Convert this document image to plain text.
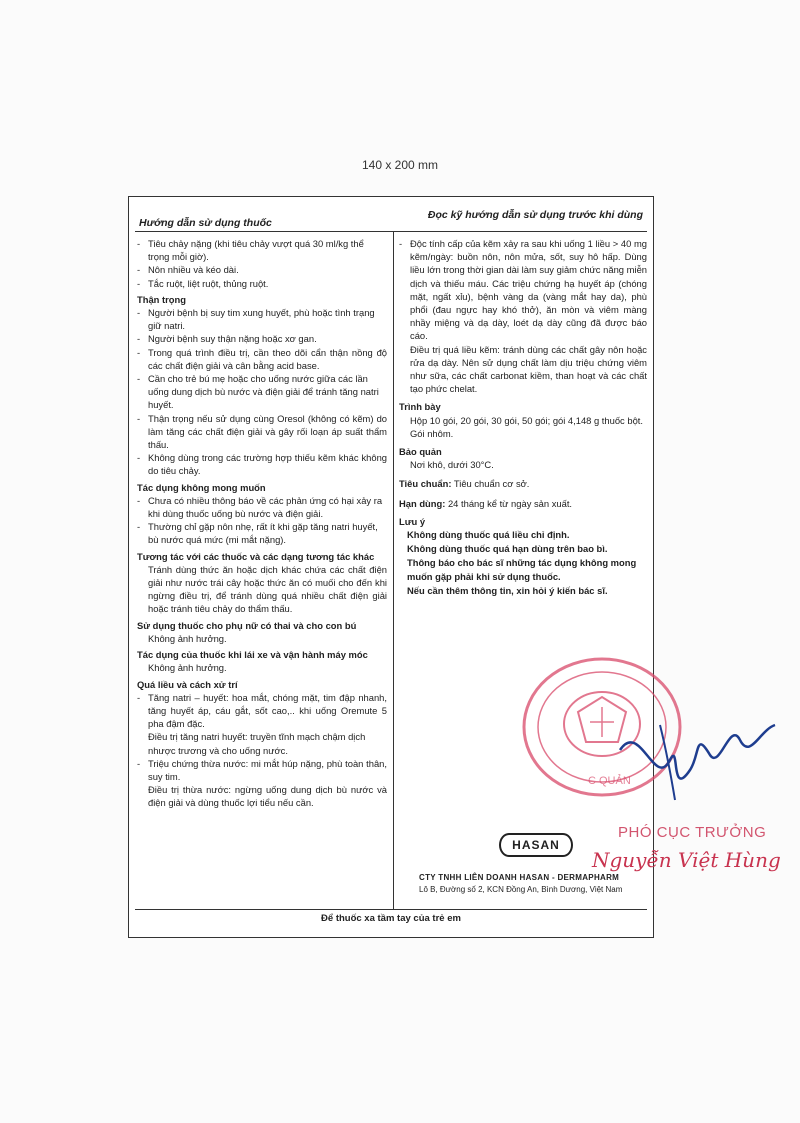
140 x 200 mm
Hướng dẫn sử dụng thuốc
Đọc kỹ hướng dẫn sử dụng trước khi dùng
- Tiêu chảy nặng (khi tiêu chảy vượt quá 30 ml/kg thể trọng mỗi giờ).
- Nôn nhiều và kéo dài.
- Tắc ruột, liệt ruột, thủng ruột.
Thận trọng
- Người bệnh bị suy tim xung huyết, phù hoặc tình trạng giữ natri.
- Người bệnh suy thận nặng hoặc xơ gan.
- Trong quá trình điều trị, cần theo dõi cẩn thận nồng độ các chất điện giải và cân bằng acid base.
- Cần cho trẻ bú mẹ hoặc cho uống nước giữa các lần uống dung dịch bù nước và điện giải để tránh tăng natri huyết.
- Thận trọng nếu sử dụng cùng Oresol (không có kẽm) do làm tăng các chất điện giải và gây rối loạn áp suất thẩm thấu.
- Không dùng trong các trường hợp thiếu kẽm khác không do tiêu chảy.
Tác dụng không mong muốn
- Chưa có nhiều thông báo về các phản ứng có hại xảy ra khi dùng thuốc uống bù nước và điện giải.
- Thường chỉ gặp nôn nhẹ, rất ít khi gặp tăng natri huyết, bù nước quá mức (mi mắt nặng).
Tương tác với các thuốc và các dạng tương tác khác
Tránh dùng thức ăn hoặc dịch khác chứa các chất điện giải như nước trái cây hoặc thức ăn có muối cho đến khi ngừng điều trị, để tránh dùng quá nhiều chất điện giải hoặc tránh tiêu chảy do thẩm thấu.
Sử dụng thuốc cho phụ nữ có thai và cho con bú
Không ảnh hưởng.
Tác dụng của thuốc khi lái xe và vận hành máy móc
Không ảnh hưởng.
Quá liều và cách xử trí
- Tăng natri – huyết: hoa mắt, chóng mặt, tim đập nhanh, tăng huyết áp, cáu gắt, sốt cao,.. khi uống Oremute 5 pha đậm đặc.
Điều trị tăng natri huyết: truyền tĩnh mạch chậm dịch nhược trương và cho uống nước.
- Triệu chứng thừa nước: mi mắt húp nặng, phù toàn thân, suy tim.
Điều trị thừa nước: ngừng uống dung dịch bù nước và điện giải và dùng thuốc lợi tiểu nếu cần.
- Độc tính cấp của kẽm xảy ra sau khi uống 1 liều > 40 mg kẽm/ngày: buồn nôn, nôn mửa, sốt, suy hô hấp. Dùng liều lớn trong thời gian dài làm suy giảm chức năng miễn dịch và thiếu máu. Các triệu chứng hạ huyết áp (chóng mặt, ngất xỉu), bệnh vàng da (vàng mắt hay da), phù phổi (đau ngực hay khó thở), ăn mòn và viêm màng nhầy miệng và dạ dày, loét dạ dày cũng đã được báo cáo.
Điều trị quá liều kẽm: tránh dùng các chất gây nôn hoặc rửa dạ dày. Nên sử dụng chất làm dịu triệu chứng viêm như sữa, các chất carbonat kiềm, than hoạt và các chất tạo phức chelat.
Trình bày
Hộp 10 gói, 20 gói, 30 gói, 50 gói; gói 4,148 g thuốc bột. Gói nhôm.
Bảo quản
Nơi khô, dưới 30°C.
Tiêu chuẩn: Tiêu chuẩn cơ sở.
Hạn dùng: 24 tháng kể từ ngày sản xuất.
Lưu ý
Không dùng thuốc quá liều chỉ định.
Không dùng thuốc quá hạn dùng trên bao bì.
Thông báo cho bác sĩ những tác dụng không mong muốn gặp phải khi sử dụng thuốc.
Nếu cần thêm thông tin, xin hỏi ý kiến bác sĩ.
HASAN
CTY TNHH LIÊN DOANH HASAN - DERMAPHARM
Lô B, Đường số 2, KCN Đồng An, Bình Dương, Việt Nam
Để thuốc xa tầm tay của trẻ em
C QUẢN
PHÓ CỤC TRƯỞNG
Nguyễn Việt Hùng
